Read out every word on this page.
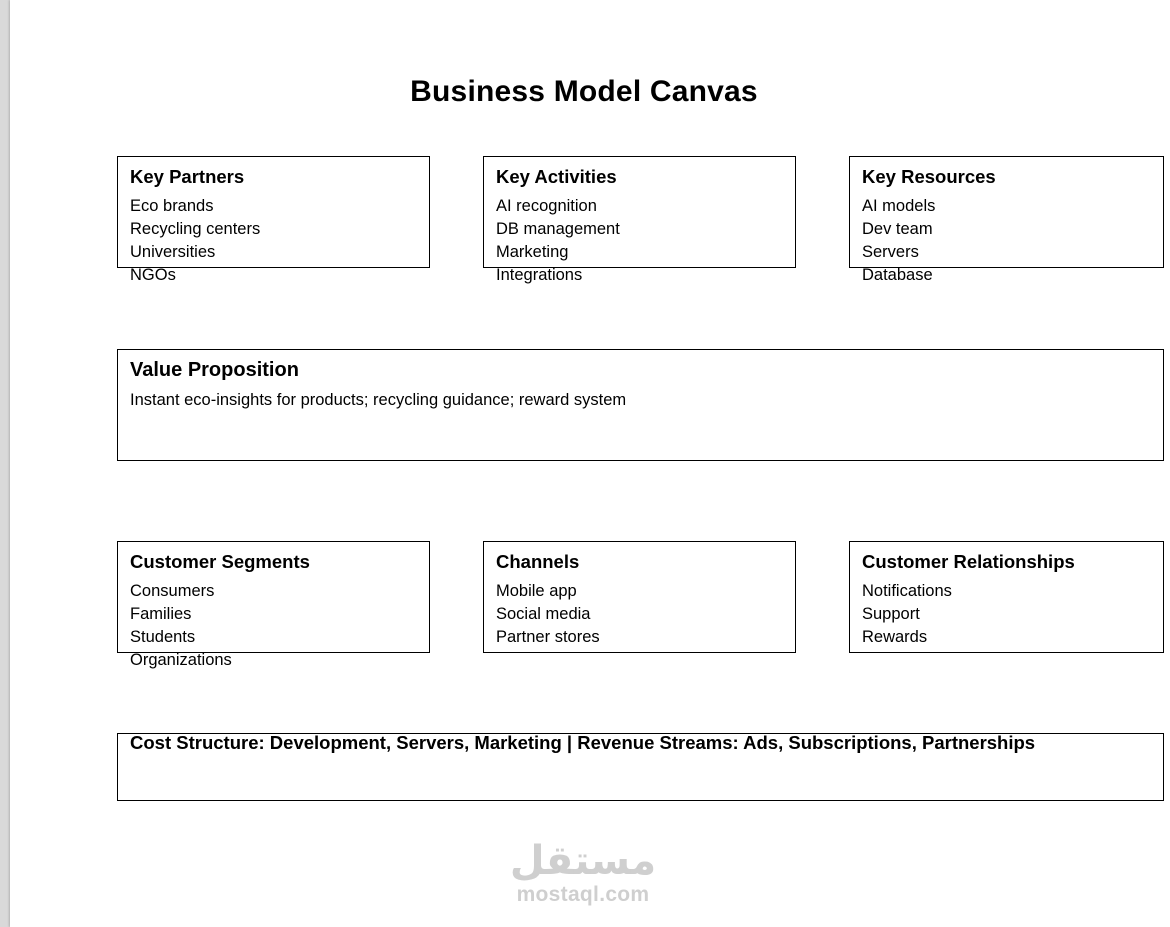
Business Model Canvas
Key Partners
Eco brands
Recycling centers
Universities
NGOs
Key Activities
AI recognition
DB management
Marketing
Integrations
Key Resources
AI models
Dev team
Servers
Database
Value Proposition
Instant eco-insights for products; recycling guidance; reward system
Customer Segments
Consumers
Families
Students
Organizations
Channels
Mobile app
Social media
Partner stores
Customer Relationships
Notifications
Support
Rewards
Cost Structure: Development, Servers, Marketing | Revenue Streams: Ads, Subscriptions, Partnerships
مستقل
mostaql.com
